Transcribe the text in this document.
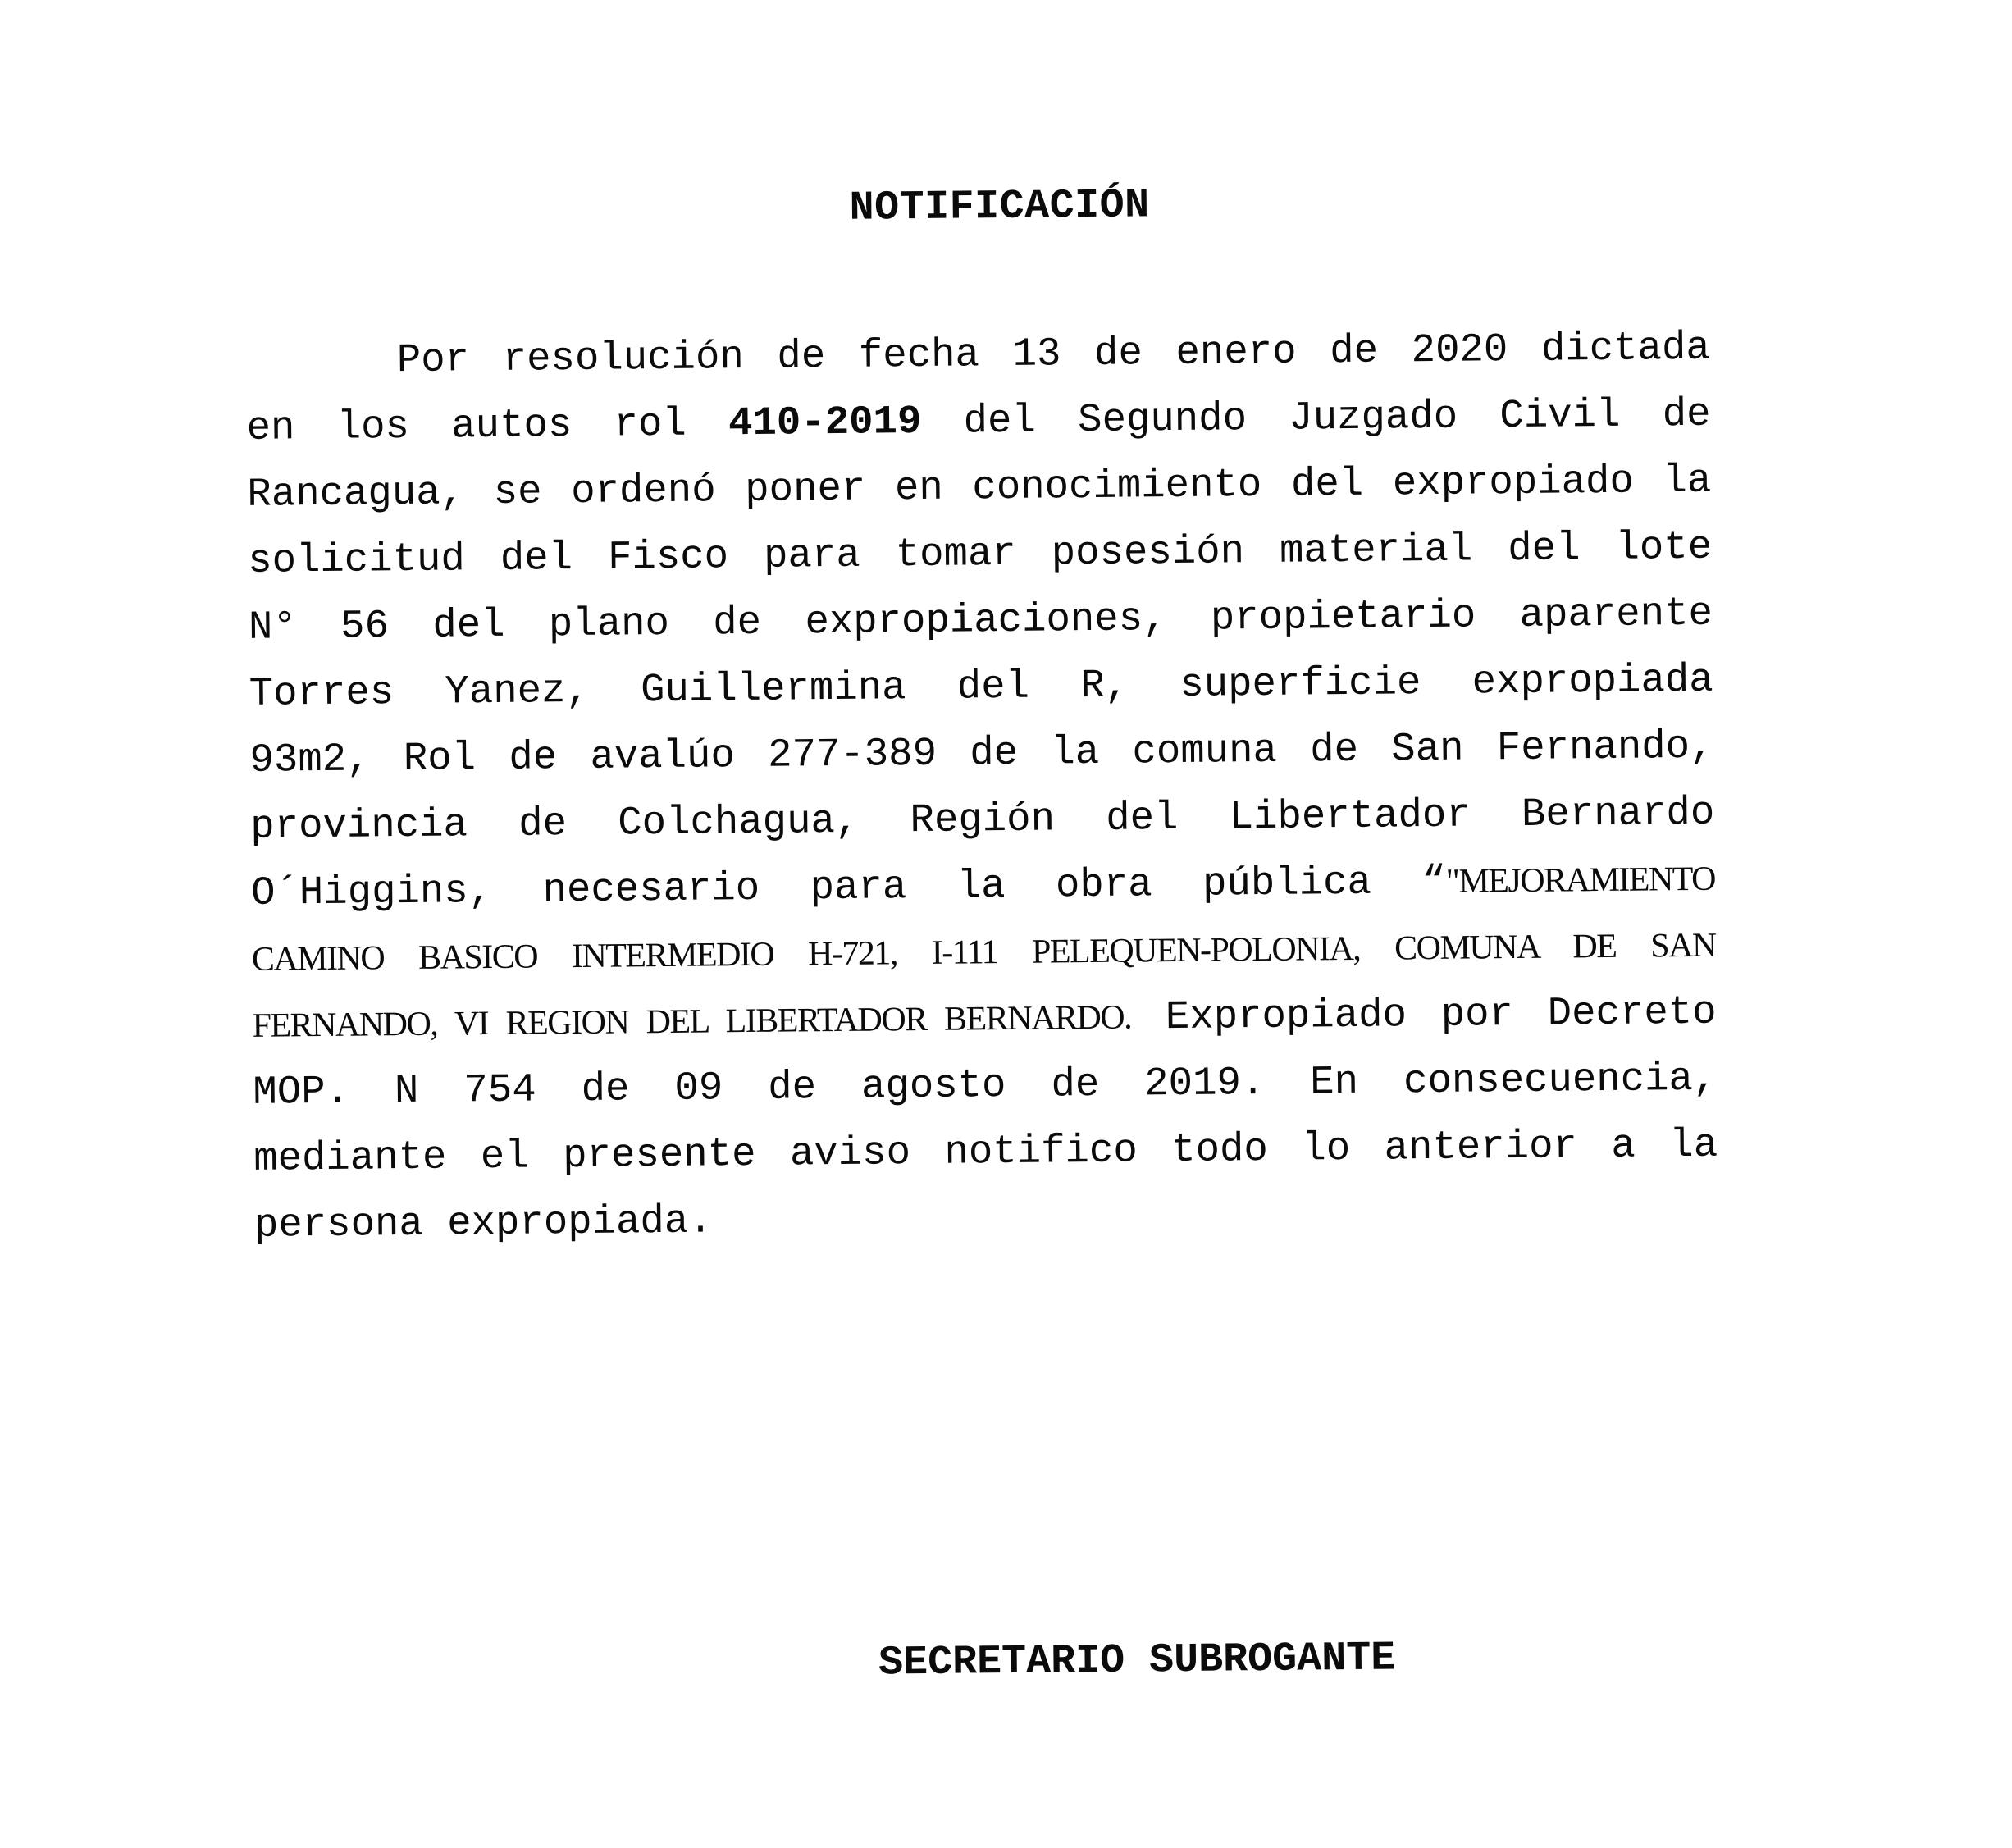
NOTIFICACIÓN
Por resolución de fecha 13 de enero de 2020 dictada
en los autos rol 410-2019 del Segundo Juzgado Civil de
Rancagua, se ordenó poner en conocimiento del expropiado la
solicitud del Fisco para tomar posesión material del lote
N° 56 del plano de expropiaciones, propietario aparente
Torres Yanez, Guillermina del R, superficie expropiada
93m2, Rol de avalúo 277-389 de la comuna de San Fernando,
provincia de Colchagua, Región del Libertador Bernardo
O´Higgins, necesario para la obra pública “"MEJORAMIENTO
CAMINO BASICO INTERMEDIO H-721, I-111 PELEQUEN-POLONIA, COMUNA DE SAN
FERNANDO, VI REGION DEL LIBERTADOR BERNARDO. Expropiado por Decreto
MOP. N 754 de 09 de agosto de 2019. En consecuencia,
mediante el presente aviso notifico todo lo anterior a la
persona expropiada.
SECRETARIO SUBROGANTE
